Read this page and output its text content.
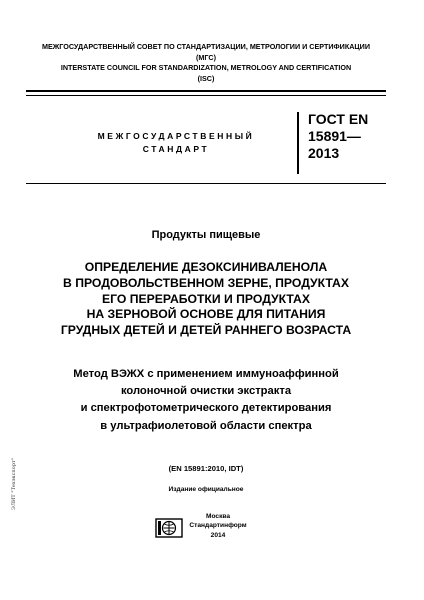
МЕЖГОСУДАРСТВЕННЫЙ СОВЕТ ПО СТАНДАРТИЗАЦИИ, МЕТРОЛОГИИ И СЕРТИФИКАЦИИ
(МГС)
INTERSTATE COUNCIL FOR STANDARDIZATION, METROLOGY AND CERTIFICATION
(ISC)
МЕЖГОСУДАРСТВЕННЫЙ
СТАНДАРТ
ГОСТ EN
15891—
2013
Продукты пищевые
ОПРЕДЕЛЕНИЕ ДЕЗОКСИНИВАЛЕНОЛА
В ПРОДОВОЛЬСТВЕННОМ ЗЕРНЕ, ПРОДУКТАХ
ЕГО ПЕРЕРАБОТКИ И ПРОДУКТАХ
НА ЗЕРНОВОЙ ОСНОВЕ ДЛЯ ПИТАНИЯ
ГРУДНЫХ ДЕТЕЙ И ДЕТЕЙ РАННЕГО ВОЗРАСТА
Метод ВЭЖХ с применением иммуноаффинной
колоночной очистки экстракта
и спектрофотометрического детектирования
в ультрафиолетовой области спектра
(EN 15891:2010, IDT)
Издание официальное
Москва
Стандартинформ
2014
ЭЛИТ "Техэкспорт"
